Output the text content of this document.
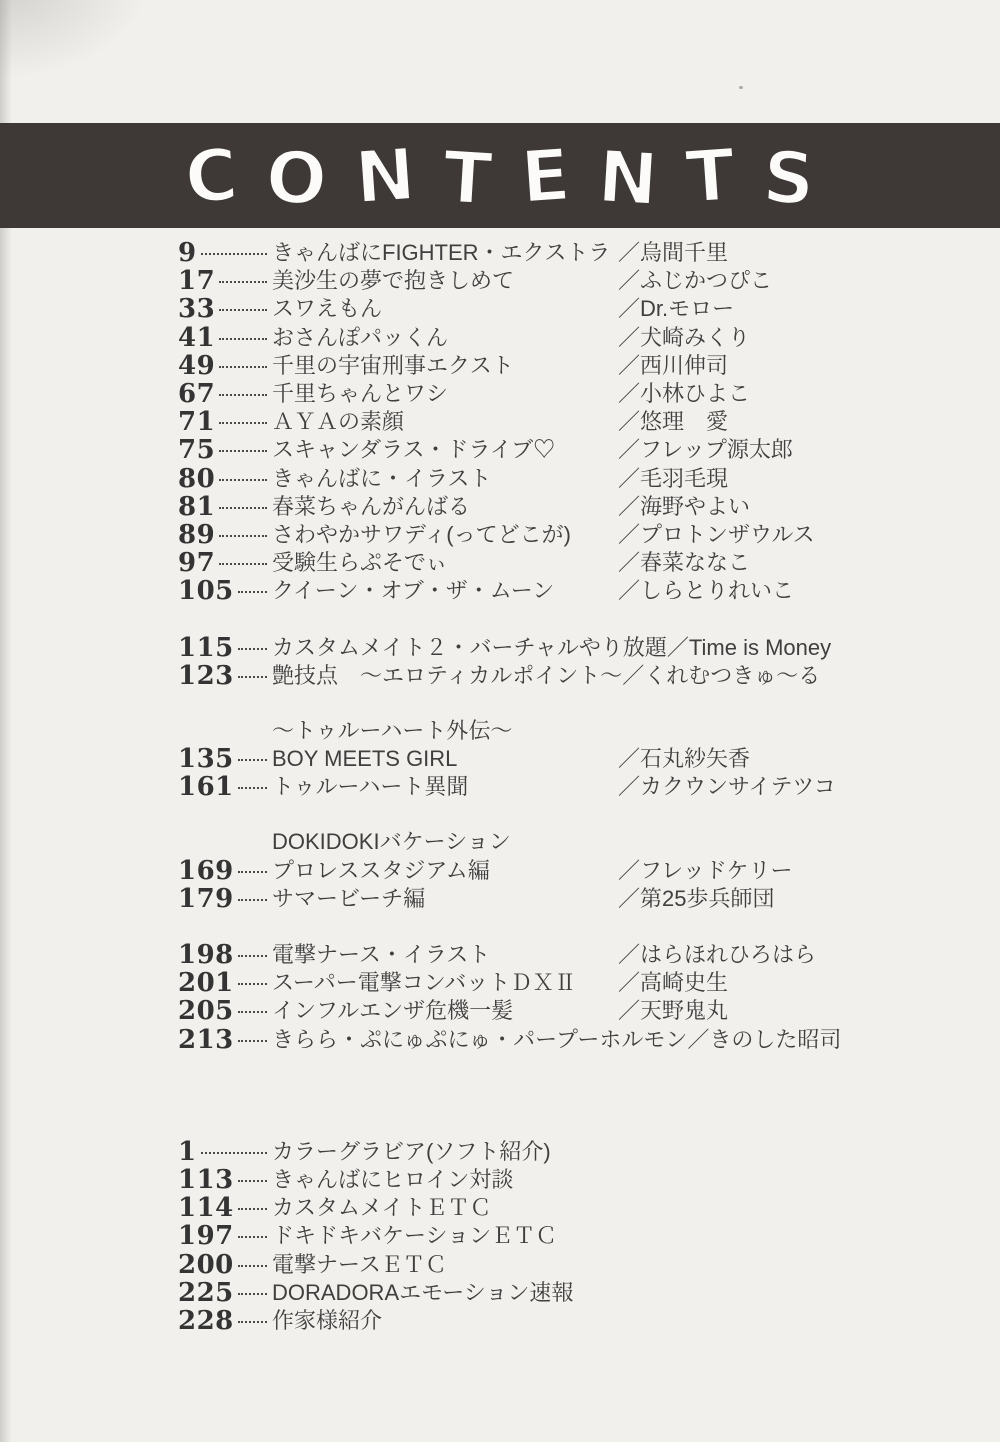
C O N T E N T S
9	きゃんばにFIGHTER・エクストラ ／烏間千里
17	美沙生の夢で抱きしめて	／ふじかつぴこ
33	スワえもん	／Dr.モロー
41	おさんぽパッくん	／犬崎みくり
49	千里の宇宙刑事エクスト	／西川伸司
67	千里ちゃんとワシ	／小林ひよこ
71	ＡＹＡの素顔	／悠理　愛
75	スキャンダラス・ドライブ♡	／フレップ源太郎
80	きゃんばに・イラスト	／毛羽毛現
81	春菜ちゃんがんばる	／海野やよい
89	さわやかサワディ(ってどこが)	／プロトンザウルス
97	受験生らぷそでぃ	／春菜ななこ
105 クイーン・オブ・ザ・ムーン	／しらとりれいこ
115 カスタムメイト２・バーチャルやり放題 ／Time is Money
123 艶技点　～エロティカルポイント～ ／くれむつきゅ～る
～トゥルーハート外伝～
135 BOY MEETS GIRL	／石丸紗矢香
161 トゥルーハート異聞	／カクウンサイテツコ
DOKIDOKIバケーション
169 プロレススタジアム編	／フレッドケリー
179 サマービーチ編	／第25歩兵師団
198 電撃ナース・イラスト	／はらほれひろはら
201 スーパー電撃コンバットＤＸⅡ	／高崎史生
205 インフルエンザ危機一髪	／天野鬼丸
213 きらら・ぷにゅぷにゅ・パープーホルモン ／きのした昭司
1	カラーグラビア(ソフト紹介)
113 きゃんばにヒロイン対談
114 カスタムメイトＥＴＣ
197 ドキドキバケーションＥＴＣ
200 電撃ナースＥＴＣ
225 DORADORAエモーション速報
228 作家様紹介
